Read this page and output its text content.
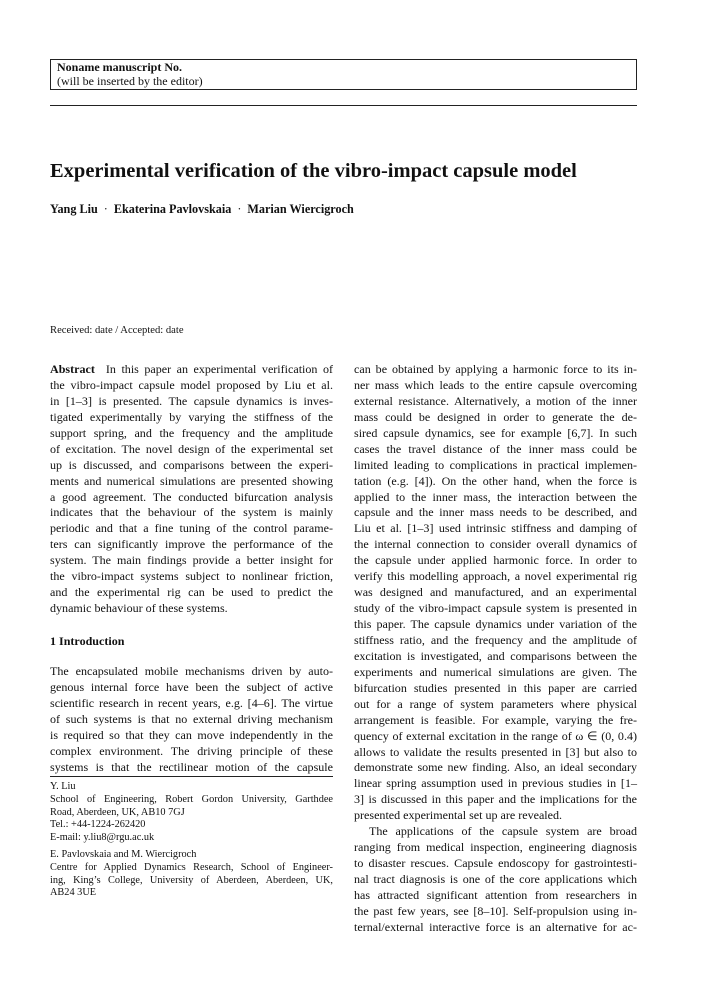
Noname manuscript No.
(will be inserted by the editor)
Experimental verification of the vibro-impact capsule model
Yang Liu · Ekaterina Pavlovskaia · Marian Wiercigroch
Received: date / Accepted: date
Abstract In this paper an experimental verification of
the vibro-impact capsule model proposed by Liu et al.
in [1–3] is presented. The capsule dynamics is inves-
tigated experimentally by varying the stiffness of the
support spring, and the frequency and the amplitude
of excitation. The novel design of the experimental set
up is discussed, and comparisons between the experi-
ments and numerical simulations are presented showing
a good agreement. The conducted bifurcation analysis
indicates that the behaviour of the system is mainly
periodic and that a fine tuning of the control parame-
ters can significantly improve the performance of the
system. The main findings provide a better insight for
the vibro-impact systems subject to nonlinear friction,
and the experimental rig can be used to predict the
dynamic behaviour of these systems.
1 Introduction
The encapsulated mobile mechanisms driven by auto-
genous internal force have been the subject of active
scientific research in recent years, e.g. [4–6]. The virtue
of such systems is that no external driving mechanism
is required so that they can move independently in the
complex environment. The driving principle of these
systems is that the rectilinear motion of the capsule
Y. Liu
School of Engineering, Robert Gordon University, Garthdee
Road, Aberdeen, UK, AB10 7GJ
Tel.: +44-1224-262420
E-mail: y.liu8@rgu.ac.uk
E. Pavlovskaia and M. Wiercigroch
Centre for Applied Dynamics Research, School of Engineer-
ing, King’s College, University of Aberdeen, Aberdeen, UK,
AB24 3UE
can be obtained by applying a harmonic force to its in-
ner mass which leads to the entire capsule overcoming
external resistance. Alternatively, a motion of the inner
mass could be designed in order to generate the de-
sired capsule dynamics, see for example [6,7]. In such
cases the travel distance of the inner mass could be
limited leading to complications in practical implemen-
tation (e.g. [4]). On the other hand, when the force is
applied to the inner mass, the interaction between the
capsule and the inner mass needs to be described, and
Liu et al. [1–3] used intrinsic stiffness and damping of
the internal connection to consider overall dynamics of
the capsule under applied harmonic force. In order to
verify this modelling approach, a novel experimental rig
was designed and manufactured, and an experimental
study of the vibro-impact capsule system is presented in
this paper. The capsule dynamics under variation of the
stiffness ratio, and the frequency and the amplitude of
excitation is investigated, and comparisons between the
experiments and numerical simulations are given. The
bifurcation studies presented in this paper are carried
out for a range of system parameters where physical
arrangement is feasible. For example, varying the fre-
quency of external excitation in the range of ω ∈ (0, 0.4)
allows to validate the results presented in [3] but also to
demonstrate some new finding. Also, an ideal secondary
linear spring assumption used in previous studies in [1–
3] is discussed in this paper and the implications for the
presented experimental set up are revealed.
The applications of the capsule system are broad
ranging from medical inspection, engineering diagnosis
to disaster rescues. Capsule endoscopy for gastrointesti-
nal tract diagnosis is one of the core applications which
has attracted significant attention from researchers in
the past few years, see [8–10]. Self-propulsion using in-
ternal/external interactive force is an alternative for ac-
